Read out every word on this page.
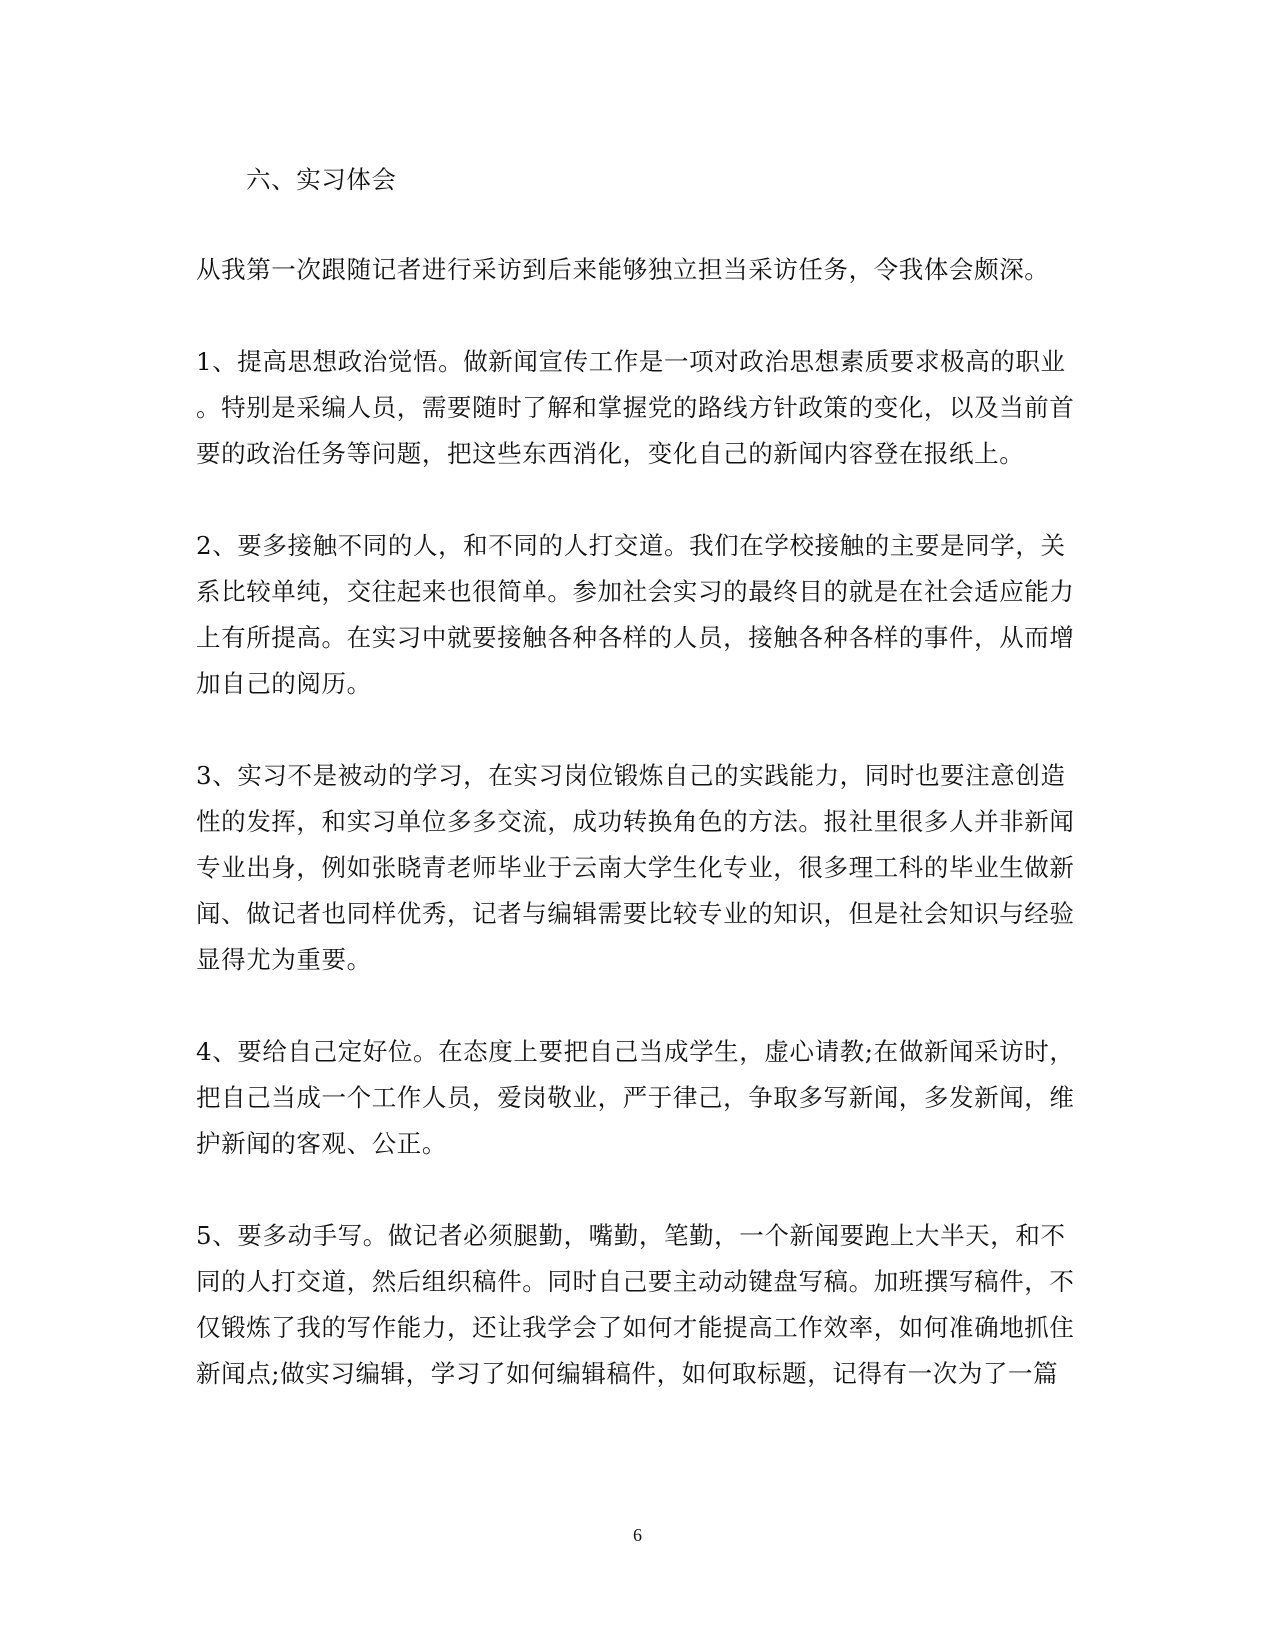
六、实习体会
从我第一次跟随记者进行采访到后来能够独立担当采访任务，令我体会颇深。
1、提高思想政治觉悟。做新闻宣传工作是一项对政治思想素质要求极高的职业
。特别是采编人员，需要随时了解和掌握党的路线方针政策的变化，以及当前首
要的政治任务等问题，把这些东西消化，变化自己的新闻内容登在报纸上。
2、要多接触不同的人，和不同的人打交道。我们在学校接触的主要是同学，关
系比较单纯，交往起来也很简单。参加社会实习的最终目的就是在社会适应能力
上有所提高。在实习中就要接触各种各样的人员，接触各种各样的事件，从而增
加自己的阅历。
3、实习不是被动的学习，在实习岗位锻炼自己的实践能力，同时也要注意创造
性的发挥，和实习单位多多交流，成功转换角色的方法。报社里很多人并非新闻
专业出身，例如张晓青老师毕业于云南大学生化专业，很多理工科的毕业生做新
闻、做记者也同样优秀，记者与编辑需要比较专业的知识，但是社会知识与经验
显得尤为重要。
4、要给自己定好位。在态度上要把自己当成学生，虚心请教;在做新闻采访时，
把自己当成一个工作人员，爱岗敬业，严于律己，争取多写新闻，多发新闻，维
护新闻的客观、公正。
5、要多动手写。做记者必须腿勤，嘴勤，笔勤，一个新闻要跑上大半天，和不
同的人打交道，然后组织稿件。同时自己要主动动键盘写稿。加班撰写稿件，不
仅锻炼了我的写作能力，还让我学会了如何才能提高工作效率，如何准确地抓住
新闻点;做实习编辑，学习了如何编辑稿件，如何取标题，记得有一次为了一篇
6
